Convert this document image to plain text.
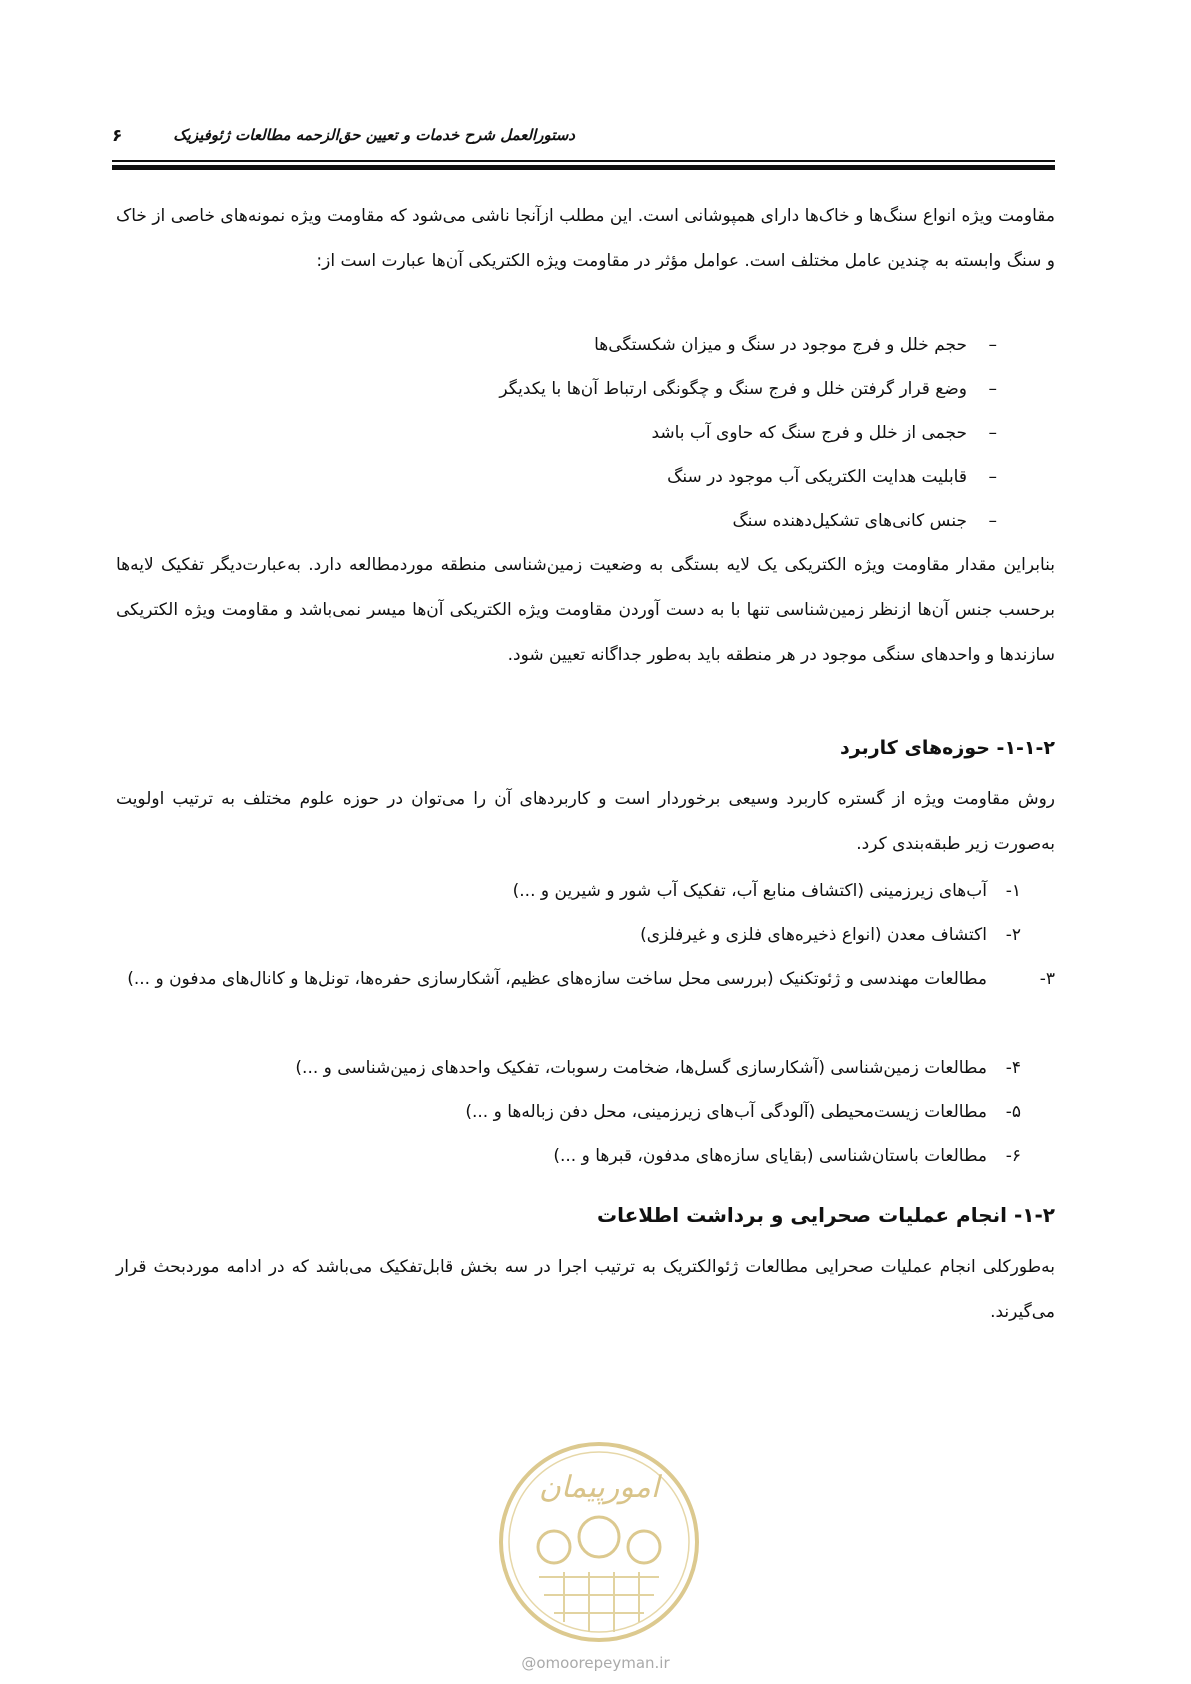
دستورالعمل شرح خدمات و تعیین حق‌الزحمه مطالعات ژئوفیزیک
۶

مقاومت ویژه انواع سنگ‌ها و خاک‌ها دارای همپوشانی است. این مطلب ازآنجا ناشی می‌شود که مقاومت ویژه نمونه‌های خاصی از خاک و سنگ وابسته به چندین عامل مختلف است. عوامل مؤثر در مقاومت ویژه الکتریکی آن‌ها عبارت است از:

–حجم خلل و فرج موجود در سنگ و میزان شکستگی‌ها
–وضع قرار گرفتن خلل و فرج سنگ و چگونگی ارتباط آن‌ها با یکدیگر
–حجمی از خلل و فرج سنگ که حاوی آب باشد
–قابلیت هدایت الکتریکی آب موجود در سنگ
–جنس کانی‌های تشکیل‌دهنده سنگ

بنابراین مقدار مقاومت ویژه الکتریکی یک لایه بستگی به وضعیت زمین‌شناسی منطقه موردمطالعه دارد. به‌عبارت‌دیگر تفکیک لایه‌ها برحسب جنس آن‌ها ازنظر زمین‌شناسی تنها با به دست آوردن مقاومت ویژه الکتریکی آن‌ها میسر نمی‌باشد و مقاومت ویژه الکتریکی سازندها و واحدهای سنگی موجود در هر منطقه باید به‌طور جداگانه تعیین شود.

۱-۱-۲- حوزه‌های کاربرد

روش مقاومت ویژه از گستره کاربرد وسیعی برخوردار است و کاربردهای آن را می‌توان در حوزه علوم مختلف به ترتیب اولویت به‌صورت زیر طبقه‌بندی کرد.

۱-آب‌های زیرزمینی (اکتشاف منابع آب، تفکیک آب شور و شیرین و ...)
۲-اکتشاف معدن (انواع ذخیره‌های فلزی و غیرفلزی)
۳-مطالعات مهندسی و ژئوتکنیک (بررسی محل ساخت سازه‌های عظیم، آشکارسازی حفره‌ها، تونل‌ها و کانال‌های مدفون و ...)
۴-مطالعات زمین‌شناسی (آشکارسازی گسل‌ها، ضخامت رسوبات، تفکیک واحدهای زمین‌شناسی و ...)
۵-مطالعات زیست‌محیطی (آلودگی آب‌های زیرزمینی، محل دفن زباله‌ها و ...)
۶-مطالعات باستان‌شناسی (بقایای سازه‌های مدفون، قبرها و ...)
۱-۲- انجام عملیات صحرایی و برداشت اطلاعات

به‌طورکلی انجام عملیات صحرایی مطالعات ژئوالکتریک به ترتیب اجرا در سه بخش قابل‌تفکیک می‌باشد که در ادامه موردبحث قرار می‌گیرند.

امورپیمان
@omoorepeyman.ir
